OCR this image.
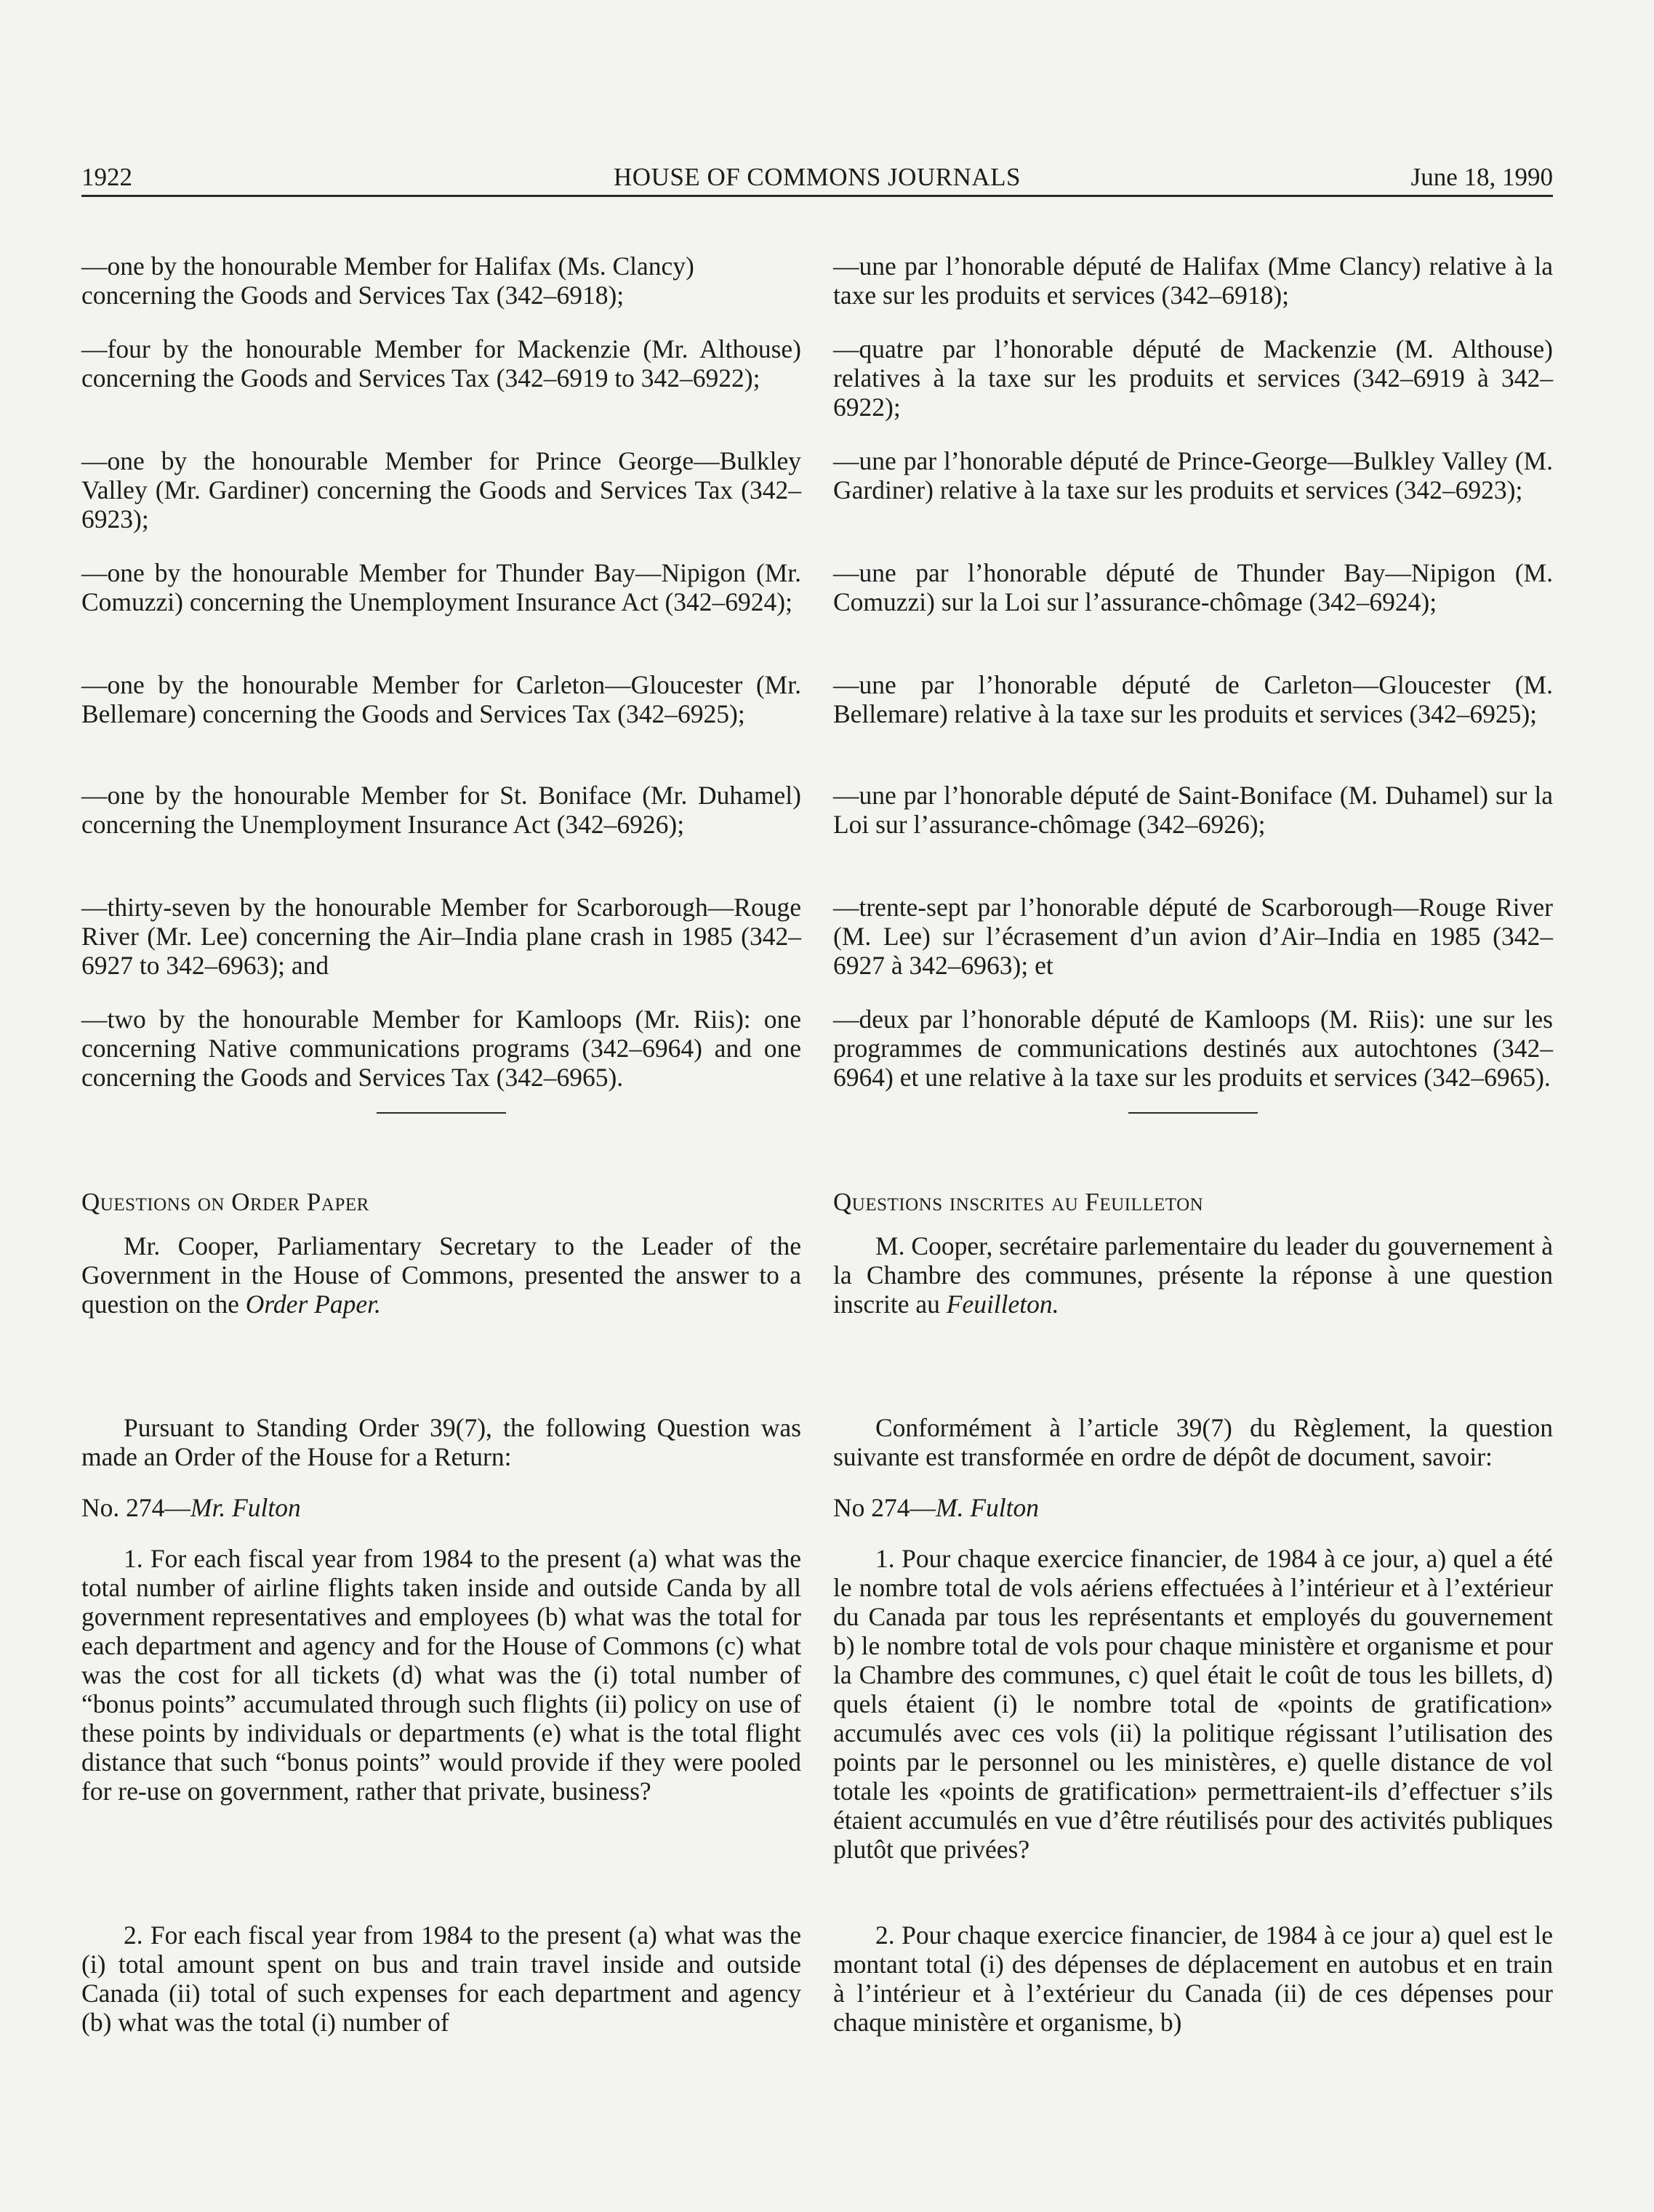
1922	HOUSE OF COMMONS JOURNALS	June 18, 1990
—one by the honourable Member for Halifax (Ms. Clancy) concerning the Goods and Services Tax (342–6918);
—four by the honourable Member for Mackenzie (Mr. Althouse) concerning the Goods and Services Tax (342–6919 to 342–6922);
—one by the honourable Member for Prince George—Bulkley Valley (Mr. Gardiner) concerning the Goods and Services Tax (342–6923);
—one by the honourable Member for Thunder Bay—Nipigon (Mr. Comuzzi) concerning the Unemployment Insurance Act (342–6924);
—one by the honourable Member for Carleton—Gloucester (Mr. Bellemare) concerning the Goods and Services Tax (342–6925);
—one by the honourable Member for St. Boniface (Mr. Duhamel) concerning the Unemployment Insurance Act (342–6926);
—thirty-seven by the honourable Member for Scarborough—Rouge River (Mr. Lee) concerning the Air–India plane crash in 1985 (342–6927 to 342–6963); and
—two by the honourable Member for Kamloops (Mr. Riis): one concerning Native communications programs (342–6964) and one concerning the Goods and Services Tax (342–6965).
Questions on Order Paper
Mr. Cooper, Parliamentary Secretary to the Leader of the Government in the House of Commons, presented the answer to a question on the Order Paper.
Pursuant to Standing Order 39(7), the following Question was made an Order of the House for a Return:
No. 274—Mr. Fulton
1. For each fiscal year from 1984 to the present (a) what was the total number of airline flights taken inside and outside Canda by all government representatives and employees (b) what was the total for each department and agency and for the House of Commons (c) what was the cost for all tickets (d) what was the (i) total number of “bonus points” accumulated through such flights (ii) policy on use of these points by individuals or departments (e) what is the total flight distance that such “bonus points” would provide if they were pooled for re-use on government, rather that private, business?
2. For each fiscal year from 1984 to the present (a) what was the (i) total amount spent on bus and train travel inside and outside Canada (ii) total of such expenses for each department and agency (b) what was the total (i) number of
—une par l’honorable député de Halifax (Mme Clancy) relative à la taxe sur les produits et services (342–6918);
—quatre par l’honorable député de Mackenzie (M. Althouse) relatives à la taxe sur les produits et services (342–6919 à 342–6922);
—une par l’honorable député de Prince-George—Bulkley Valley (M. Gardiner) relative à la taxe sur les produits et services (342–6923);
—une par l’honorable député de Thunder Bay—Nipigon (M. Comuzzi) sur la Loi sur l’assurance-chômage (342–6924);
—une par l’honorable député de Carleton—Gloucester (M. Bellemare) relative à la taxe sur les produits et services (342–6925);
—une par l’honorable député de Saint-Boniface (M. Duhamel) sur la Loi sur l’assurance-chômage (342–6926);
—trente-sept par l’honorable député de Scarborough—Rouge River (M. Lee) sur l’écrasement d’un avion d’Air–India en 1985 (342–6927 à 342–6963); et
—deux par l’honorable député de Kamloops (M. Riis): une sur les programmes de communications destinés aux autochtones (342–6964) et une relative à la taxe sur les produits et services (342–6965).
Questions inscrites au Feuilleton
M. Cooper, secrétaire parlementaire du leader du gouvernement à la Chambre des communes, présente la réponse à une question inscrite au Feuilleton.
Conformément à l’article 39(7) du Règlement, la question suivante est transformée en ordre de dépôt de document, savoir:
No 274—M. Fulton
1. Pour chaque exercice financier, de 1984 à ce jour, a) quel a été le nombre total de vols aériens effectuées à l’intérieur et à l’extérieur du Canada par tous les représentants et employés du gouvernement b) le nombre total de vols pour chaque ministère et organisme et pour la Chambre des communes, c) quel était le coût de tous les billets, d) quels étaient (i) le nombre total de «points de gratification» accumulés avec ces vols (ii) la politique régissant l’utilisation des points par le personnel ou les ministères, e) quelle distance de vol totale les «points de gratification» permettraient-ils d’effectuer s’ils étaient accumulés en vue d’être réutilisés pour des activités publiques plutôt que privées?
2. Pour chaque exercice financier, de 1984 à ce jour a) quel est le montant total (i) des dépenses de déplacement en autobus et en train à l’intérieur et à l’extérieur du Canada (ii) de ces dépenses pour chaque ministère et organisme, b)
